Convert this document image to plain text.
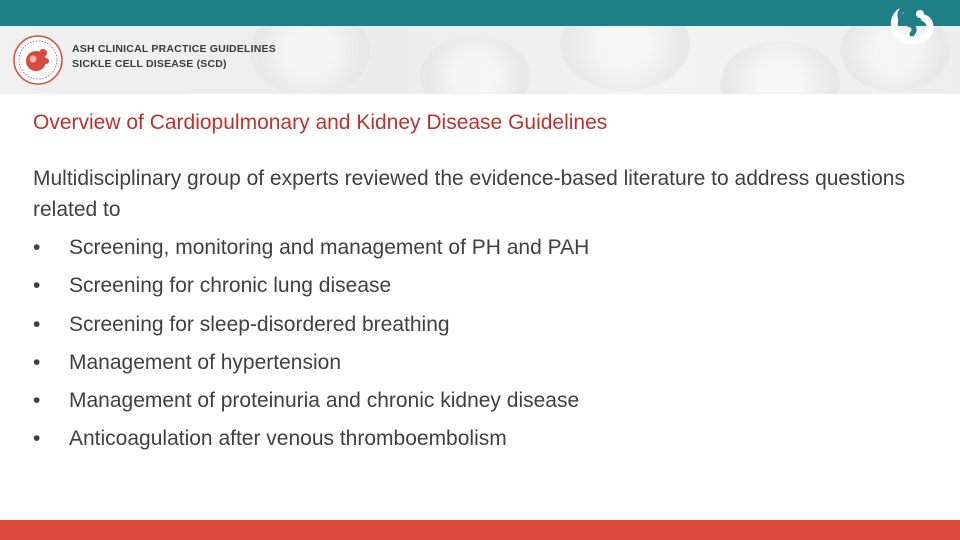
ASH CLINICAL PRACTICE GUIDELINES
SICKLE CELL DISEASE (SCD)
Overview of Cardiopulmonary and Kidney Disease Guidelines

Multidisciplinary group of experts reviewed the evidence-based literature to address questions related to

• Screening, monitoring and management of PH and PAH
• Screening for chronic lung disease
• Screening for sleep-disordered breathing
• Management of hypertension
• Management of proteinuria and chronic kidney disease
• Anticoagulation after venous thromboembolism
